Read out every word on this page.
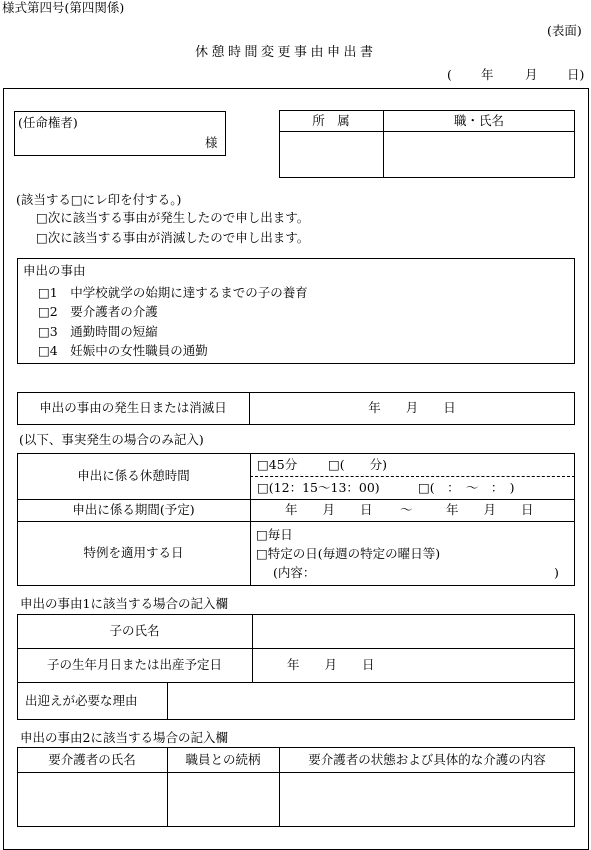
様式第四号(第四関係)
(表面)
休憩時間変更事由申出書
( 年	月 日)
(任命権者)
様
所　属	職・氏名
(該当する□にレ印を付する。)
□次に該当する事由が発生したので申し出ます。
□次に該当する事由が消滅したので申し出ます。
申出の事由
□1　中学校就学の始期に達するまでの子の養育
□2　要介護者の介護
□3　通勤時間の短縮
□4　妊娠中の女性職員の通勤
申出の事由の発生日または消滅日	年　　月　　日
(以下、事実発生の場合のみ記入)
申出に係る休憩時間
□45分 □(　　分)
□(12：15〜13：00)	□(　：　〜　：　)
申出に係る期間(予定)	年　　月　　日 〜	年　　月　　日
特例を適用する日
□毎日
□特定の日(毎週の特定の曜日等)
(内容：	)
申出の事由1に該当する場合の記入欄
子の氏名
子の生年月日または出産予定日	年　　月　　日
出迎えが必要な理由
申出の事由2に該当する場合の記入欄
要介護者の氏名	職員との続柄	要介護者の状態および具体的な介護の内容
